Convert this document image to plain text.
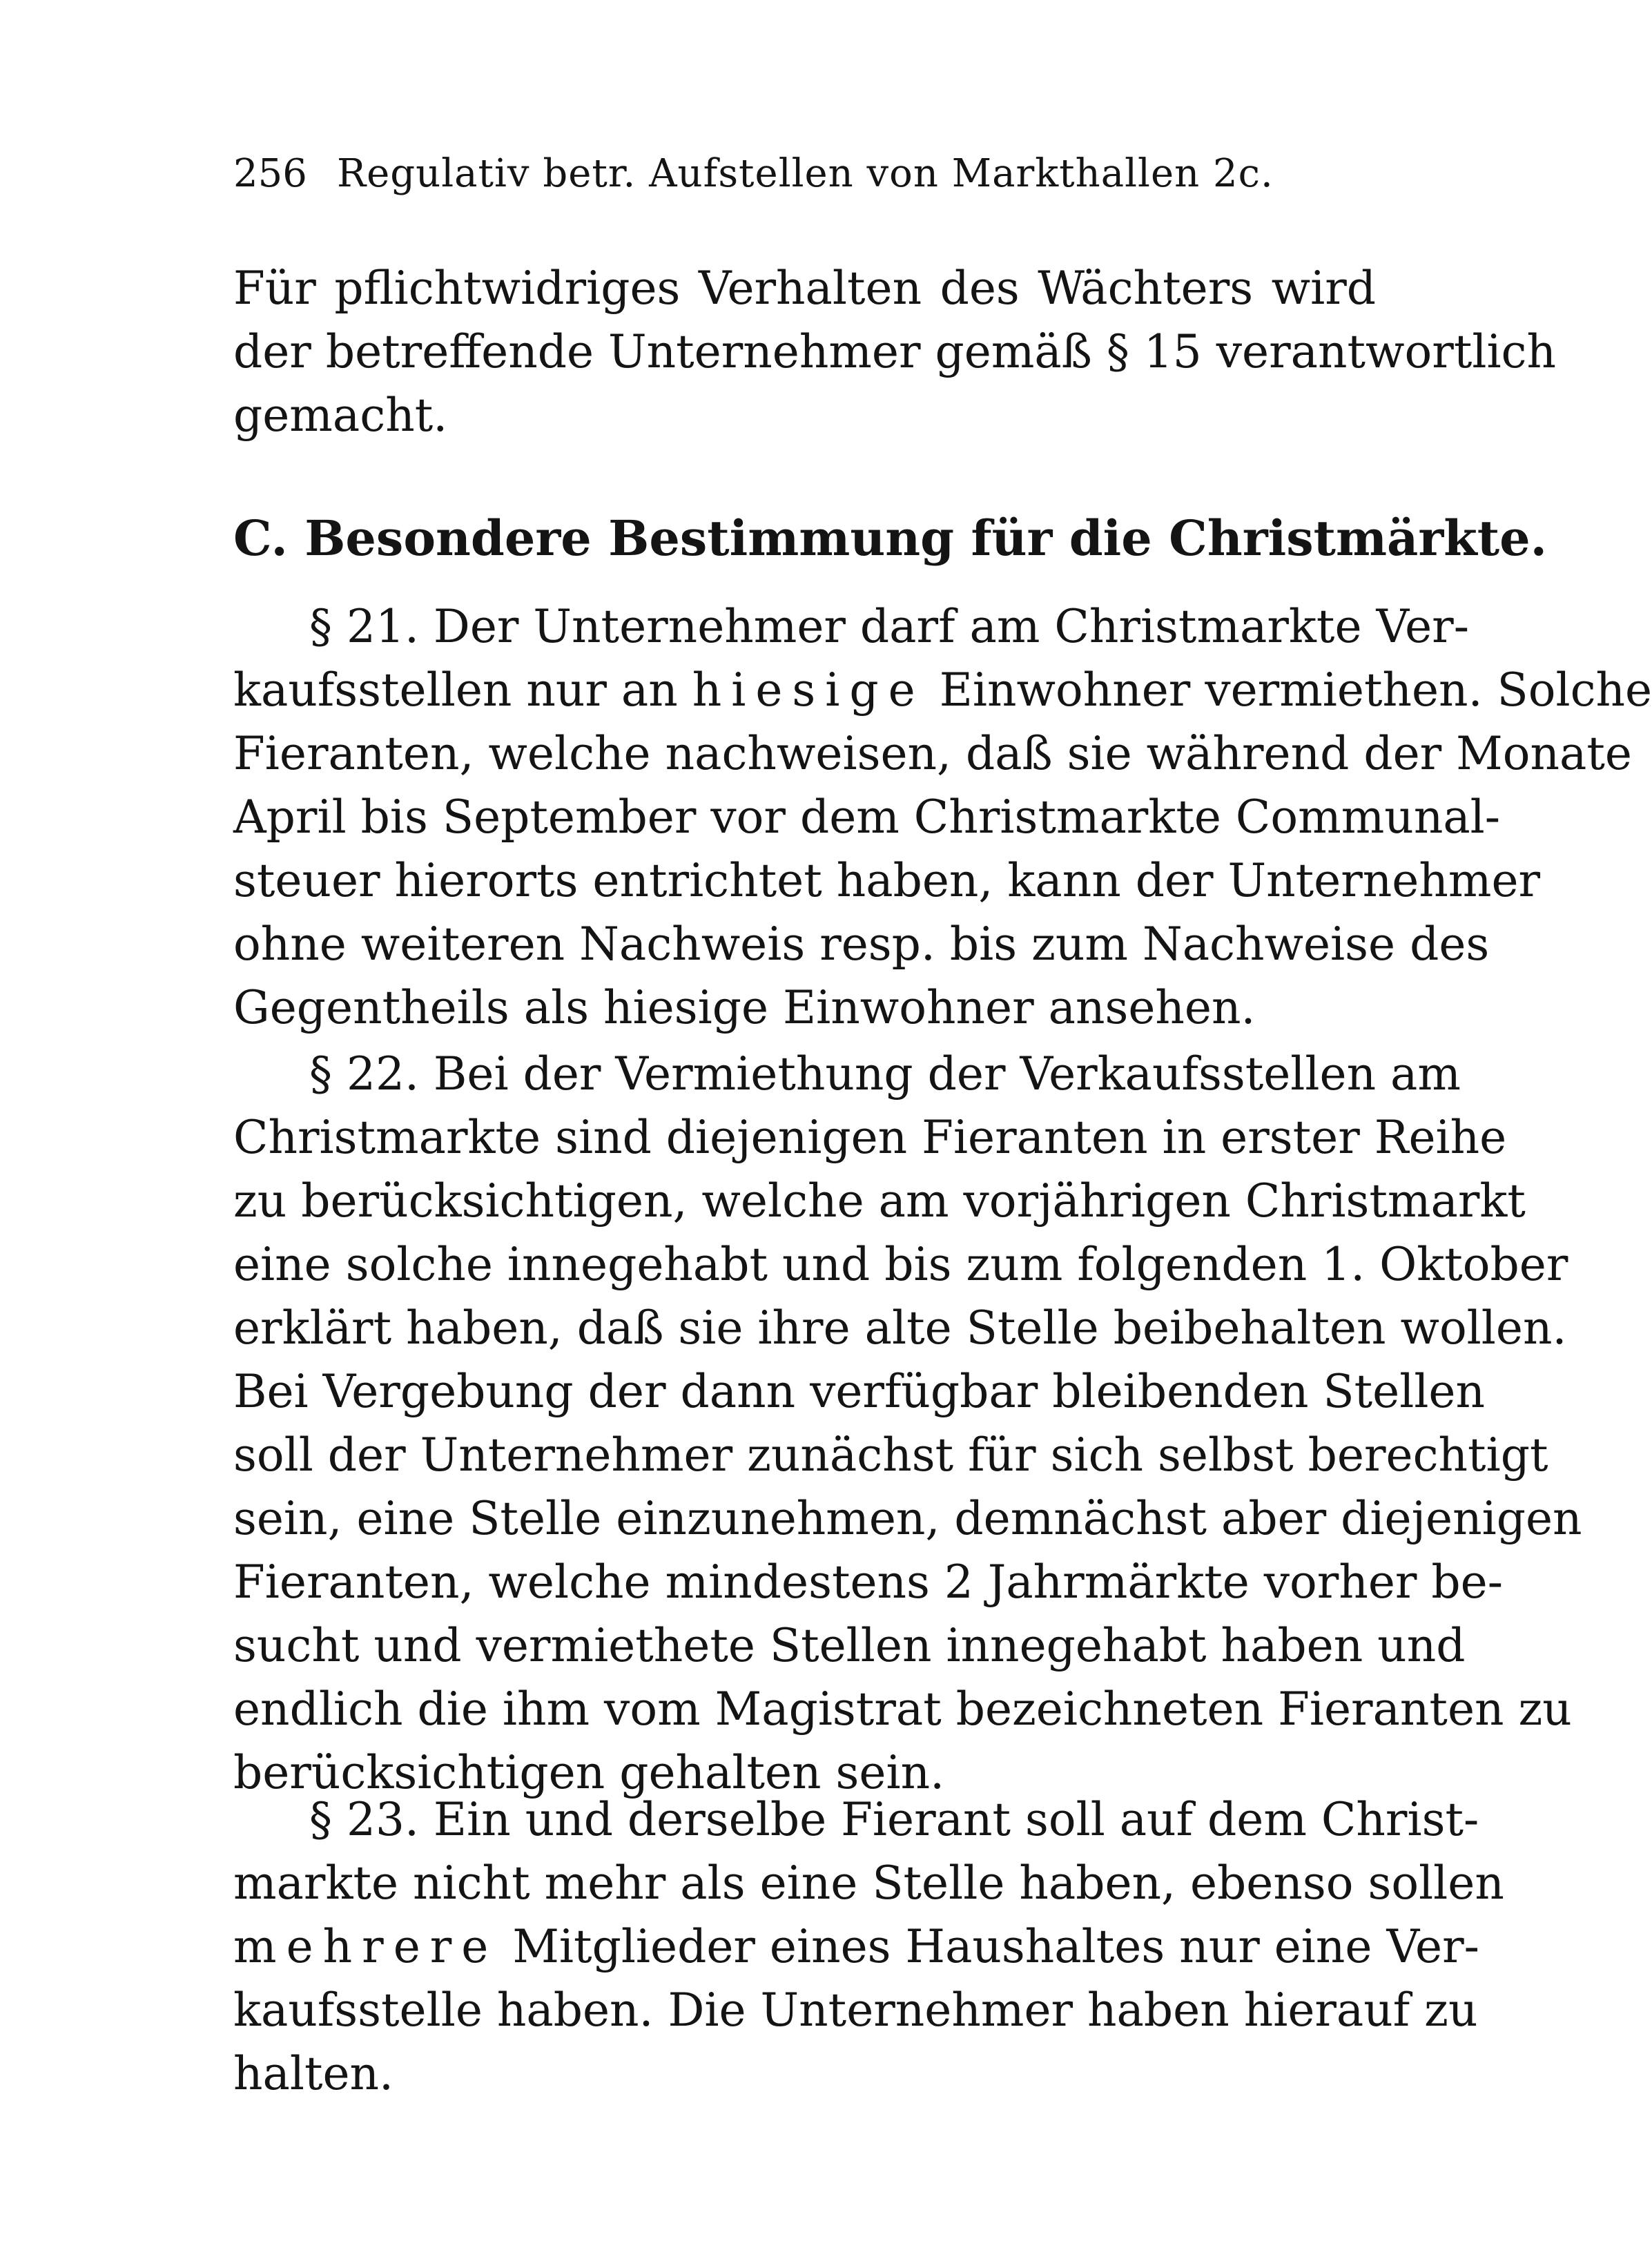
256 Regulativ betr. Aufstellen von Markthallen 2c.
Für pflichtwidriges Verhalten des Wächters wird
der betreffende Unternehmer gemäß § 15 verantwortlich
gemacht.
C. Besondere Bestimmung für die Christmärkte.
§ 21. Der Unternehmer darf am Christmarkte Ver-
kaufsstellen nur an hiesige Einwohner vermiethen. Solche
Fieranten, welche nachweisen, daß sie während der Monate
April bis September vor dem Christmarkte Communal-
steuer hierorts entrichtet haben, kann der Unternehmer
ohne weiteren Nachweis resp. bis zum Nachweise des
Gegentheils als hiesige Einwohner ansehen.
§ 22. Bei der Vermiethung der Verkaufsstellen am
Christmarkte sind diejenigen Fieranten in erster Reihe
zu berücksichtigen, welche am vorjährigen Christmarkt
eine solche innegehabt und bis zum folgenden 1. Oktober
erklärt haben, daß sie ihre alte Stelle beibehalten wollen.
Bei Vergebung der dann verfügbar bleibenden Stellen
soll der Unternehmer zunächst für sich selbst berechtigt
sein, eine Stelle einzunehmen, demnächst aber diejenigen
Fieranten, welche mindestens 2 Jahrmärkte vorher be-
sucht und vermiethete Stellen innegehabt haben und
endlich die ihm vom Magistrat bezeichneten Fieranten zu
berücksichtigen gehalten sein.
§ 23. Ein und derselbe Fierant soll auf dem Christ-
markte nicht mehr als eine Stelle haben, ebenso sollen
mehrere Mitglieder eines Haushaltes nur eine Ver-
kaufsstelle haben. Die Unternehmer haben hierauf zu
halten.
